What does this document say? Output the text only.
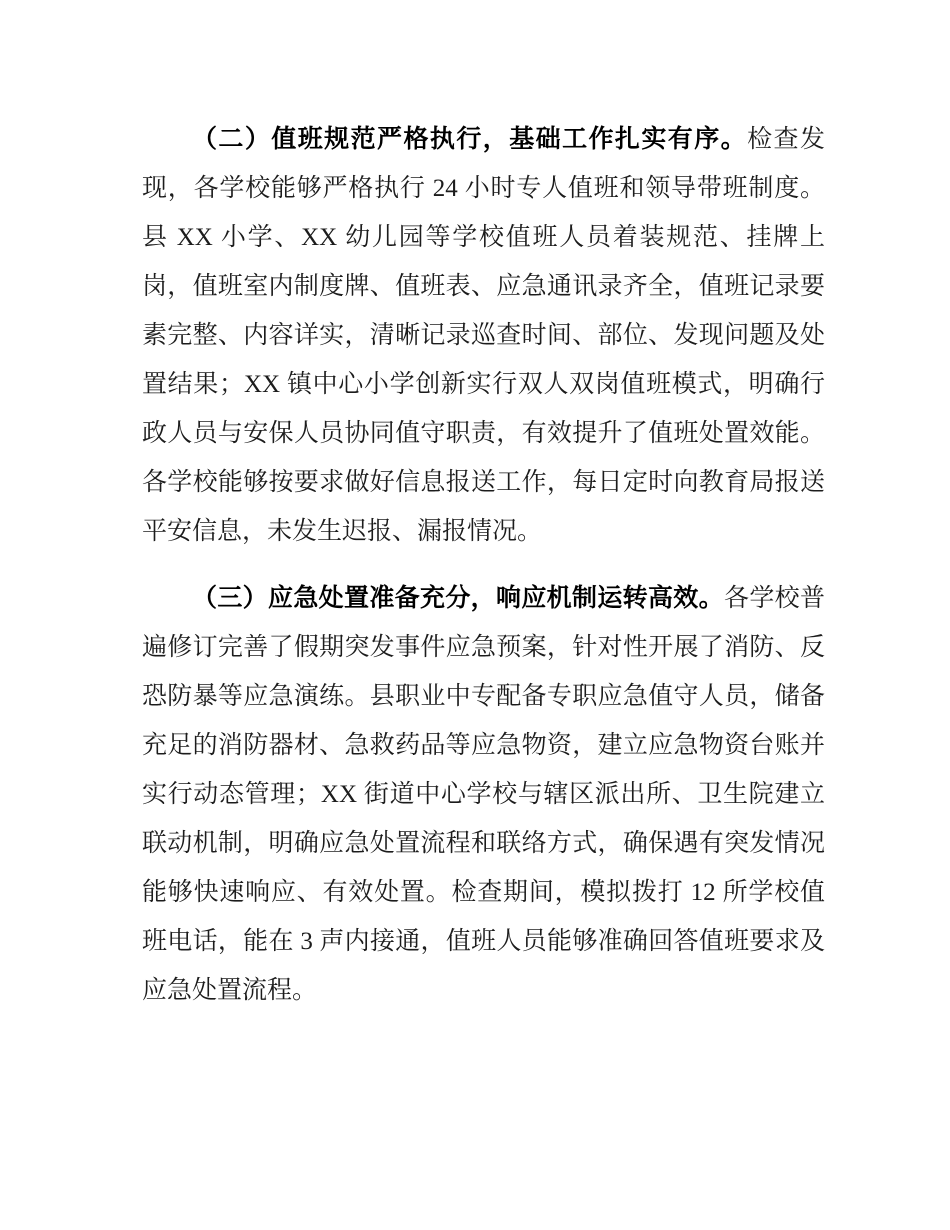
（二）值班规范严格执行，基础工作扎实有序。检查发现，各学校能够严格执行 24 小时专人值班和领导带班制度。县 XX 小学、XX 幼儿园等学校值班人员着装规范、挂牌上岗，值班室内制度牌、值班表、应急通讯录齐全，值班记录要素完整、内容详实，清晰记录巡查时间、部位、发现问题及处置结果；XX 镇中心小学创新实行双人双岗值班模式，明确行政人员与安保人员协同值守职责，有效提升了值班处置效能。各学校能够按要求做好信息报送工作，每日定时向教育局报送平安信息，未发生迟报、漏报情况。

（三）应急处置准备充分，响应机制运转高效。各学校普遍修订完善了假期突发事件应急预案，针对性开展了消防、反恐防暴等应急演练。县职业中专配备专职应急值守人员，储备充足的消防器材、急救药品等应急物资，建立应急物资台账并实行动态管理；XX 街道中心学校与辖区派出所、卫生院建立联动机制，明确应急处置流程和联络方式，确保遇有突发情况能够快速响应、有效处置。检查期间，模拟拨打 12 所学校值班电话，能在 3 声内接通，值班人员能够准确回答值班要求及应急处置流程。
